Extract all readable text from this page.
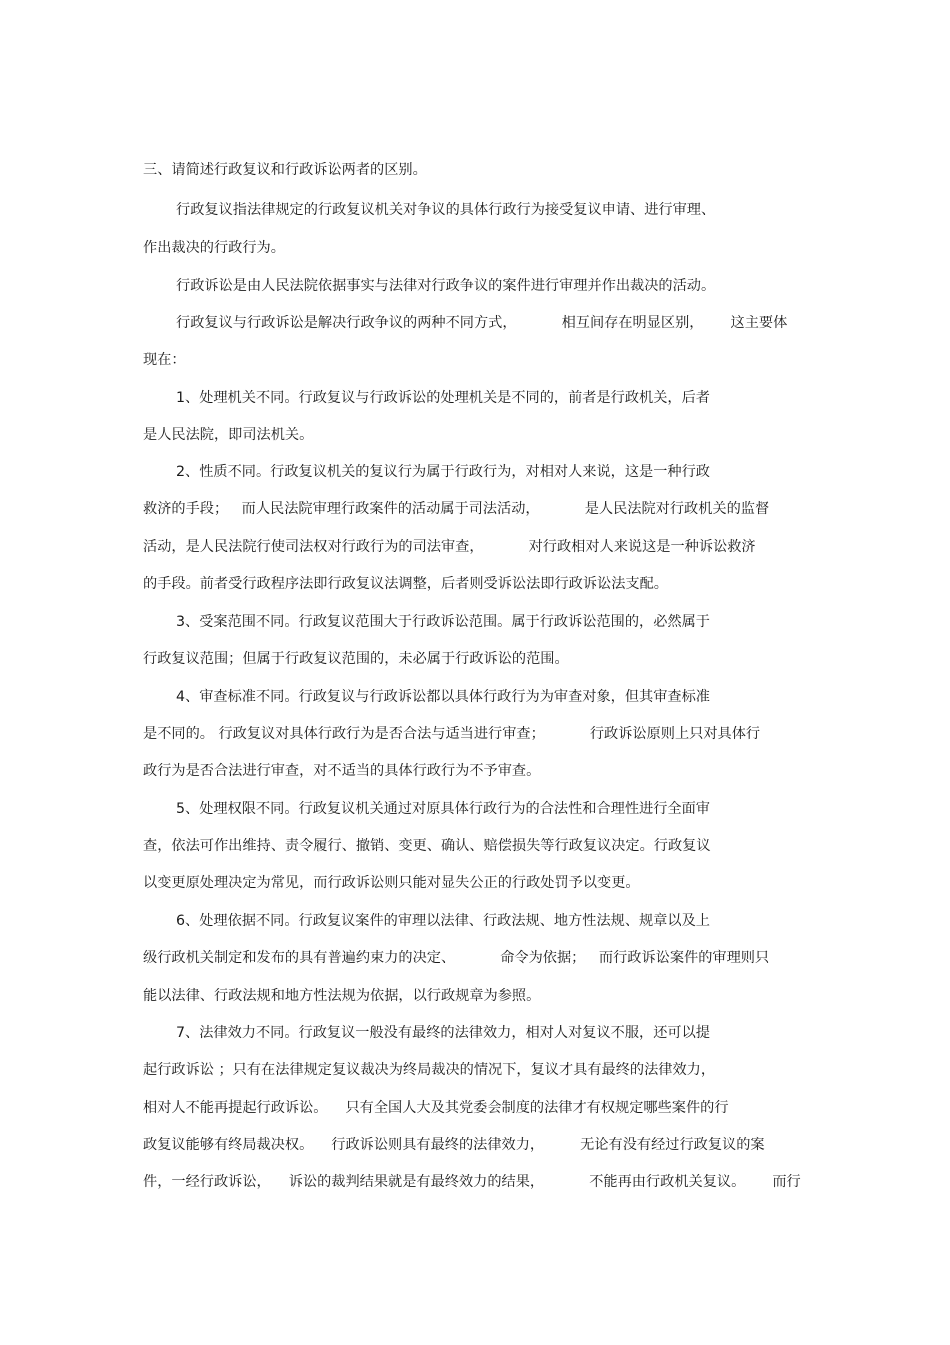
三、请简述行政复议和行政诉讼两者的区别。
行政复议指法律规定的行政复议机关对争议的具体行政行为接受复议申请、进行审理、
作出裁决的行政行为。
行政诉讼是由人民法院依据事实与法律对行政争议的案件进行审理并作出裁决的活动。
行政复议与行政诉讼是解决行政争议的两种不同方式，          相互间存在明显区别，      这主要体
现在：
1、处理机关不同。行政复议与行政诉讼的处理机关是不同的，前者是行政机关，后者
是人民法院，即司法机关。
2、性质不同。行政复议机关的复议行为属于行政行为，对相对人来说，这是一种行政
救济的手段；   而人民法院审理行政案件的活动属于司法活动，          是人民法院对行政机关的监督
活动，是人民法院行使司法权对行政行为的司法审查，          对行政相对人来说这是一种诉讼救济
的手段。前者受行政程序法即行政复议法调整，后者则受诉讼法即行政诉讼法支配。
3、受案范围不同。行政复议范围大于行政诉讼范围。属于行政诉讼范围的，必然属于
行政复议范围；但属于行政复议范围的，未必属于行政诉讼的范围。
4、审查标准不同。行政复议与行政诉讼都以具体行政行为为审查对象，但其审查标准
是不同的。 行政复议对具体行政行为是否合法与适当进行审查；          行政诉讼原则上只对具体行
政行为是否合法进行审查，对不适当的具体行政行为不予审查。
5、处理权限不同。行政复议机关通过对原具体行政行为的合法性和合理性进行全面审
查，依法可作出维持、责令履行、撤销、变更、确认、赔偿损失等行政复议决定。行政复议
以变更原处理决定为常见，而行政诉讼则只能对显失公正的行政处罚予以变更。
6、处理依据不同。行政复议案件的审理以法律、行政法规、地方性法规、规章以及上
级行政机关制定和发布的具有普遍约束力的决定、          命令为依据；   而行政诉讼案件的审理则只
能以法律、行政法规和地方性法规为依据，以行政规章为参照。
7、法律效力不同。行政复议一般没有最终的法律效力，相对人对复议不服，还可以提
起行政诉讼 ；只有在法律规定复议裁决为终局裁决的情况下，复议才具有最终的法律效力，
相对人不能再提起行政诉讼。    只有全国人大及其党委会制度的法律才有权规定哪些案件的行
政复议能够有终局裁决权。    行政诉讼则具有最终的法律效力，        无论有没有经过行政复议的案
件，一经行政诉讼，    诉讼的裁判结果就是有最终效力的结果，          不能再由行政机关复议。      而行
